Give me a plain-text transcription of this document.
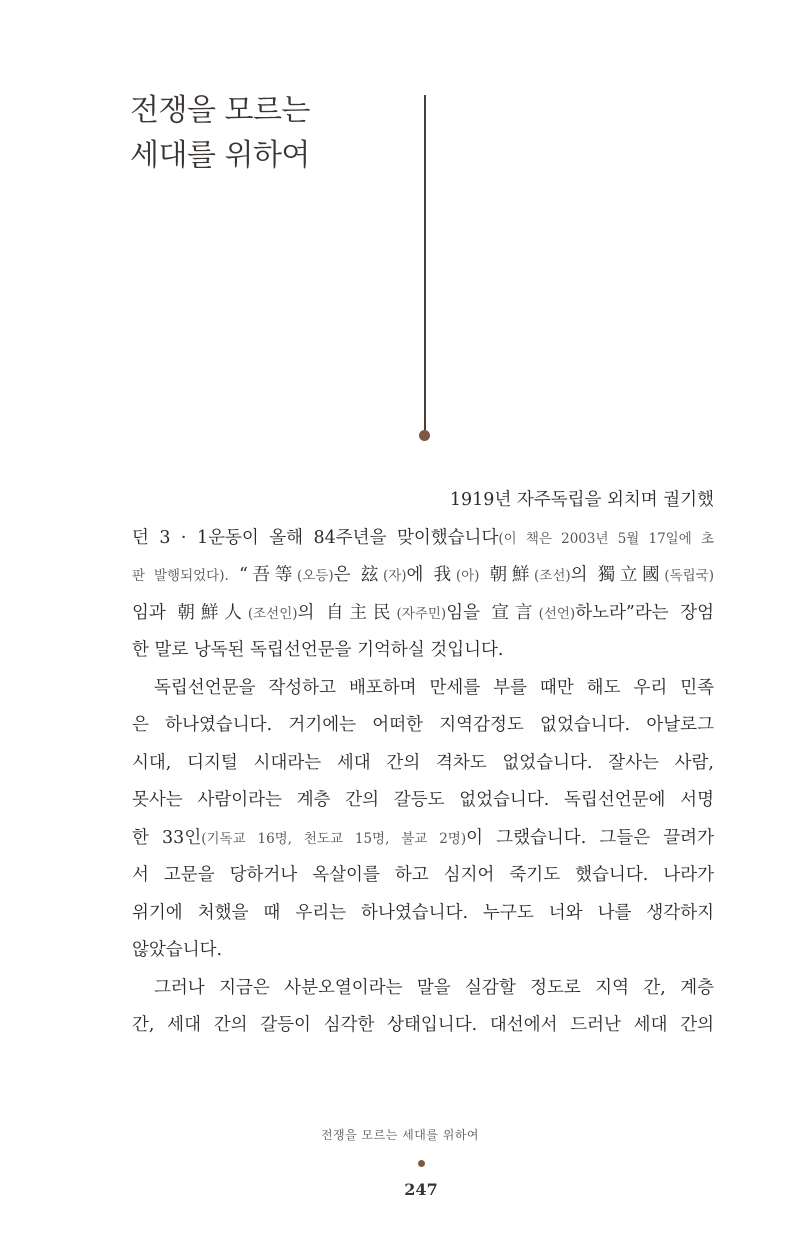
전쟁을 모르는
세대를 위하여
1919년 자주독립을 외치며 궐기했
던 3 · 1운동이 올해 84주년을 맞이했습니다(이 책은 2003년 5월 17일에 초
판 발행되었다). “吾等(오등)은 玆(자)에 我(아) 朝鮮(조선)의 獨立國(독립국)
임과 朝鮮人(조선인)의 自主民(자주민)임을 宣言(선언)하노라”라는 장엄
한 말로 낭독된 독립선언문을 기억하실 것입니다.
독립선언문을 작성하고 배포하며 만세를 부를 때만 해도 우리 민족
은 하나였습니다. 거기에는 어떠한 지역감정도 없었습니다. 아날로그
시대, 디지털 시대라는 세대 간의 격차도 없었습니다. 잘사는 사람,
못사는 사람이라는 계층 간의 갈등도 없었습니다. 독립선언문에 서명
한 33인(기독교 16명, 천도교 15명, 불교 2명)이 그랬습니다. 그들은 끌려가
서 고문을 당하거나 옥살이를 하고 심지어 죽기도 했습니다. 나라가
위기에 처했을 때 우리는 하나였습니다. 누구도 너와 나를 생각하지
않았습니다.
그러나 지금은 사분오열이라는 말을 실감할 정도로 지역 간, 계층
간, 세대 간의 갈등이 심각한 상태입니다. 대선에서 드러난 세대 간의
전쟁을 모르는 세대를 위하여
247
